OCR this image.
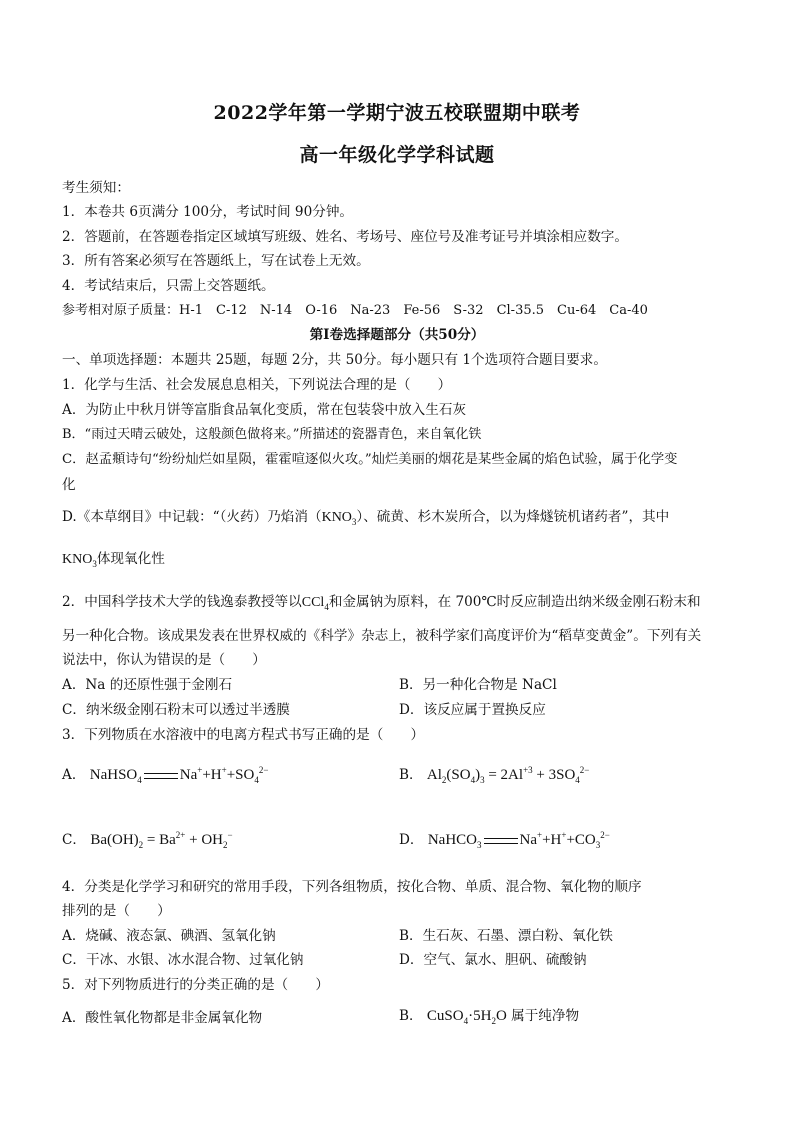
2022学年第一学期宁波五校联盟期中联考
高一年级化学学科试题
考生须知：
1．本卷共 6页满分 100分，考试时间 90分钟。
2．答题前，在答题卷指定区域填写班级、姓名、考场号、座位号及准考证号并填涂相应数字。
3．所有答案必须写在答题纸上，写在试卷上无效。
4．考试结束后，只需上交答题纸。
参考相对原子质量：H-1　C-12　N-14　O-16　Na-23　Fe-56　S-32　Cl-35.5　Cu-64　Ca-40
第Ⅰ卷选择题部分（共50分）
一、单项选择题：本题共 25题，每题 2分，共 50分。每小题只有 1个选项符合题目要求。
1．化学与生活、社会发展息息相关，下列说法合理的是（　　）
A．为防止中秋月饼等富脂食品氧化变质，常在包装袋中放入生石灰
B．“雨过天晴云破处，这般颜色做将来。”所描述的瓷器青色，来自氧化铁
C．赵孟頫诗句“纷纷灿烂如星陨，霍霍喧逐似火攻。”灿烂美丽的烟花是某些金属的焰色试验，属于化学变
化
D.《本草纲目》中记载：“（火药）乃焰消$(KNO_3)$、硫黄、杉木炭所合，以为烽燧铳机诸药者”，其中
$KNO_3$体现氧化性
2．中国科学技术大学的钱逸泰教授等以CCl$_4$和金属钠为原料，在 700℃时反应制造出纳米级金刚石粉末和
另一种化合物。该成果发表在世界权威的《科学》杂志上，被科学家们高度评价为“稻草变黄金”。下列有关
说法中，你认为错误的是（　　）
A．Na 的还原性强于金刚石	B．另一种化合物是 NaCl
C．纳米级金刚石粉末可以透过半透膜	D．该反应属于置换反应
3．下列物质在水溶液中的电离方程式书写正确的是（　　）
A． NaHSO$_4$	$Na^++H^++SO_4^{2-}$	B． $Al_2(SO_4)_3 = 2Al^{+3} + 3SO_4^{2-}$
C． $Ba(OH)_2 = Ba^{2+} + OH_2^-$	D． NaHCO$_3$	$Na^++H^++CO_3^{2-}$
4．分类是化学学习和研究的常用手段，下列各组物质，按化合物、单质、混合物、氧化物的顺序
排列的是（　　）
A．烧碱、液态氯、碘酒、氢氧化钠	B．生石灰、石墨、漂白粉、氧化铁
C．干冰、水银、冰水混合物、过氧化钠	D．空气、氯水、胆矾、硫酸钠
5．对下列物质进行的分类正确的是（　　）
A．酸性氧化物都是非金属氧化物	B． $CuSO_4\cdot 5H_2O$ 属于纯净物
